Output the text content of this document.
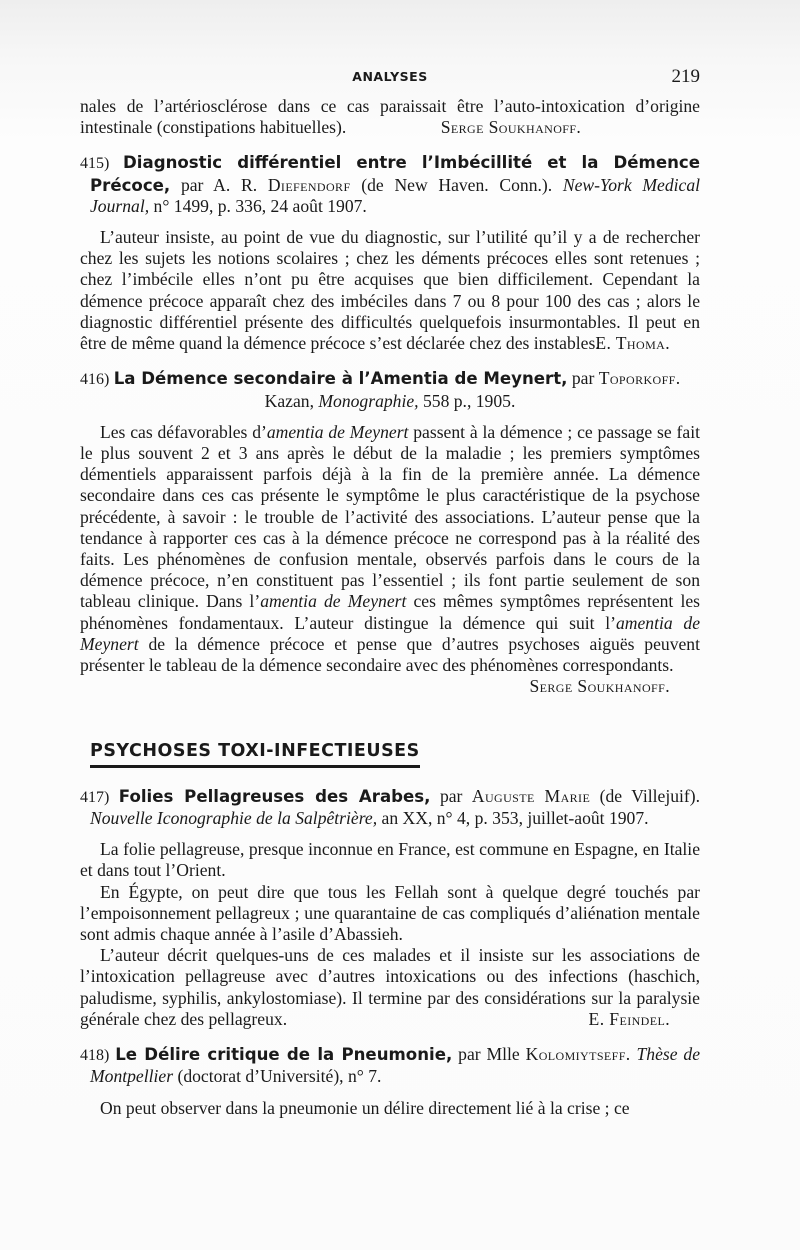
ANALYSES	219

nales de l’artériosclérose dans ce cas paraissait être l’auto-intoxication d’origine intestinale (constipations habituelles).	Serge Soukhanoff.

415) Diagnostic différentiel entre l’Imbécillité et la Démence Précoce, par A. R. Diefendorf (de New Haven. Conn.). New-York Medical Journal, n° 1499, p. 336, 24 août 1907.

L’auteur insiste, au point de vue du diagnostic, sur l’utilité qu’il y a de rechercher chez les sujets les notions scolaires ; chez les déments précoces elles sont retenues ; chez l’imbécile elles n’ont pu être acquises que bien difficilement. Cependant la démence précoce apparaît chez des imbéciles dans 7 ou 8 pour 100 des cas ; alors le diagnostic différentiel présente des difficultés quelquefois insurmontables. Il peut en être de même quand la démence précoce s’est déclarée chez des instables.

E. Thoma.

416) La Démence secondaire à l’Amentia de Meynert, par Toporkoff.

Kazan, Monographie, 558 p., 1905.

Les cas défavorables d’amentia de Meynert passent à la démence ; ce passage se fait le plus souvent 2 et 3 ans après le début de la maladie ; les premiers symptômes démentiels apparaissent parfois déjà à la fin de la première année. La démence secondaire dans ces cas présente le symptôme le plus caractéristique de la psychose précédente, à savoir : le trouble de l’activité des associations. L’auteur pense que la tendance à rapporter ces cas à la démence précoce ne correspond pas à la réalité des faits. Les phénomènes de confusion mentale, observés parfois dans le cours de la démence précoce, n’en constituent pas l’essentiel ; ils font partie seulement de son tableau clinique. Dans l’amentia de Meynert ces mêmes symptômes représentent les phénomènes fondamentaux. L’auteur distingue la démence qui suit l’amentia de Meynert de la démence précoce et pense que d’autres psychoses aiguës peuvent présenter le tableau de la démence secondaire avec des phénomènes correspondants.

Serge Soukhanoff.

PSYCHOSES TOXI-INFECTIEUSES

417) Folies Pellagreuses des Arabes, par Auguste Marie (de Villejuif). Nouvelle Iconographie de la Salpêtrière, an XX, n° 4, p. 353, juillet-août 1907.

La folie pellagreuse, presque inconnue en France, est commune en Espagne, en Italie et dans tout l’Orient.

En Égypte, on peut dire que tous les Fellah sont à quelque degré touchés par l’empoisonnement pellagreux ; une quarantaine de cas compliqués d’aliénation mentale sont admis chaque année à l’asile d’Abassieh.

L’auteur décrit quelques-uns de ces malades et il insiste sur les associations de l’intoxication pellagreuse avec d’autres intoxications ou des infections (haschich, paludisme, syphilis, ankylostomiase). Il termine par des considérations sur la paralysie générale chez des pellagreux.	E. Feindel.

418) Le Délire critique de la Pneumonie, par Mlle Kolomiytseff. Thèse de Montpellier (doctorat d’Université), n° 7.

On peut observer dans la pneumonie un délire directement lié à la crise ; ce
